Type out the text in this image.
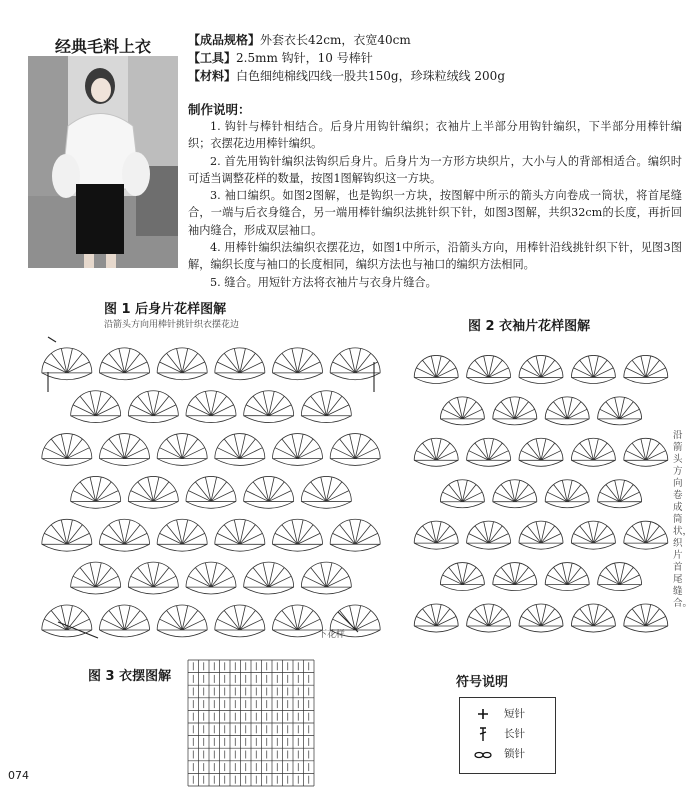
经典毛料上衣	【成品规格】外套衣长42cm，衣宽40cm
【工具】2.5mm 钩针，10 号棒针
【材料】白色细纯棉线四线一股共150g，珍珠粒绒线 200g
制作说明：

1. 钩针与棒针相结合。后身片用钩针编织；衣袖片上半部分用钩针编织，下半部分用棒针编织；衣摆花边用棒针编织。

2. 首先用钩针编织法钩织后身片。后身片为一方形方块织片，大小与人的背部相适合。编织时可适当调整花样的数量，按图1图解钩织这一方块。

3. 袖口编织。如图2图解，也是钩织一方块，按图解中所示的箭头方向卷成一筒状，将首尾缝合，一端与后衣身缝合，另一端用棒针编织法挑针织下针，如图3图解，共织32cm的长度，再折回袖内缝合，形成双层袖口。

4. 用棒针编织法编织衣摆花边，如图1中所示，沿箭头方向，用棒针沿线挑针织下针，见图3图解，编织长度与袖口的长度相同，编织方法也与袖口的编织方法相同。

5. 缝合。用短针方法将衣袖片与衣身片缝合。

图 1 后身片花样图解
沿箭头方向用棒针挑针织衣摆花边
下花样
图 2 衣袖片花样图解
沿箭头方向卷成筒状，织片首尾缝合。
图 3 衣摆图解	符号说明
短针
长针
锁针
074
